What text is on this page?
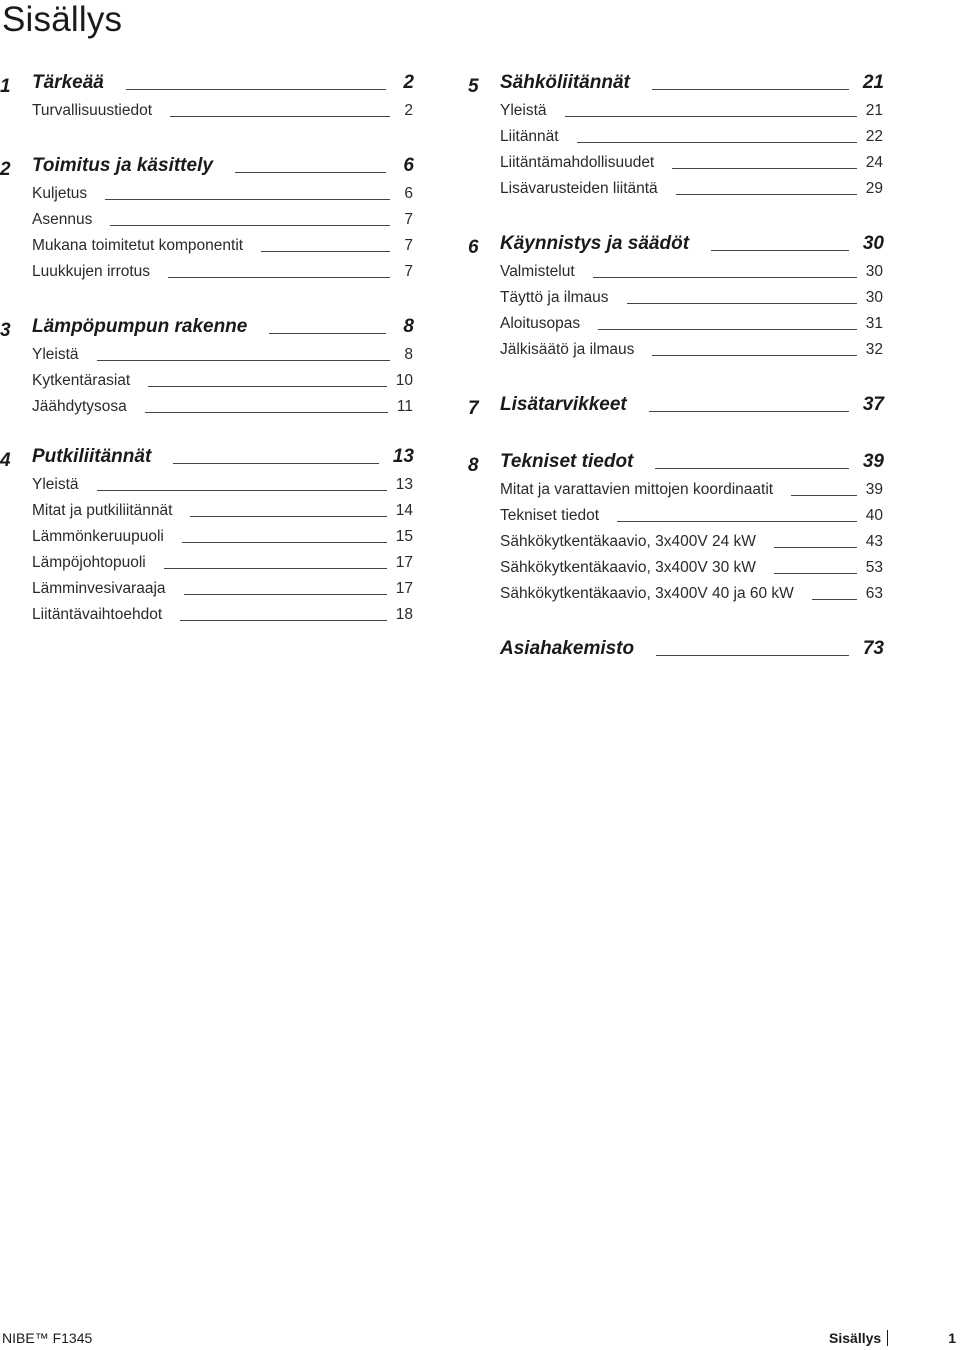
Sisällys
1	Tärkeää	2
Turvallisuustiedot	2
2	Toimitus ja käsittely	6
Kuljetus	6
Asennus	7
Mukana toimitetut komponentit	7
Luukkujen irrotus	7
3	Lämpöpumpun rakenne	8
Yleistä	8
Kytkentärasiat	10
Jäähdytysosa	11
4	Putkiliitännät	13
Yleistä	13
Mitat ja putkiliitännät	14
Lämmönkeruupuoli	15
Lämpöjohtopuoli	17
Lämminvesivaraaja	17
Liitäntävaihtoehdot	18
5	Sähköliitännät	21
Yleistä	21
Liitännät	22
Liitäntämahdollisuudet	24
Lisävarusteiden liitäntä	29
6	Käynnistys ja säädöt	30
Valmistelut	30
Täyttö ja ilmaus	30
Aloitusopas	31
Jälkisäätö ja ilmaus	32
7	Lisätarvikkeet	37
8	Tekniset tiedot	39
Mitat ja varattavien mittojen koordinaatit	39
Tekniset tiedot	40
Sähkökytkentäkaavio, 3x400V 24 kW	43
Sähkökytkentäkaavio, 3x400V 30 kW	53
Sähkökytkentäkaavio, 3x400V 40 ja 60 kW	63
Asiahakemisto	73
NIBE™ F1345	Sisällys	1
